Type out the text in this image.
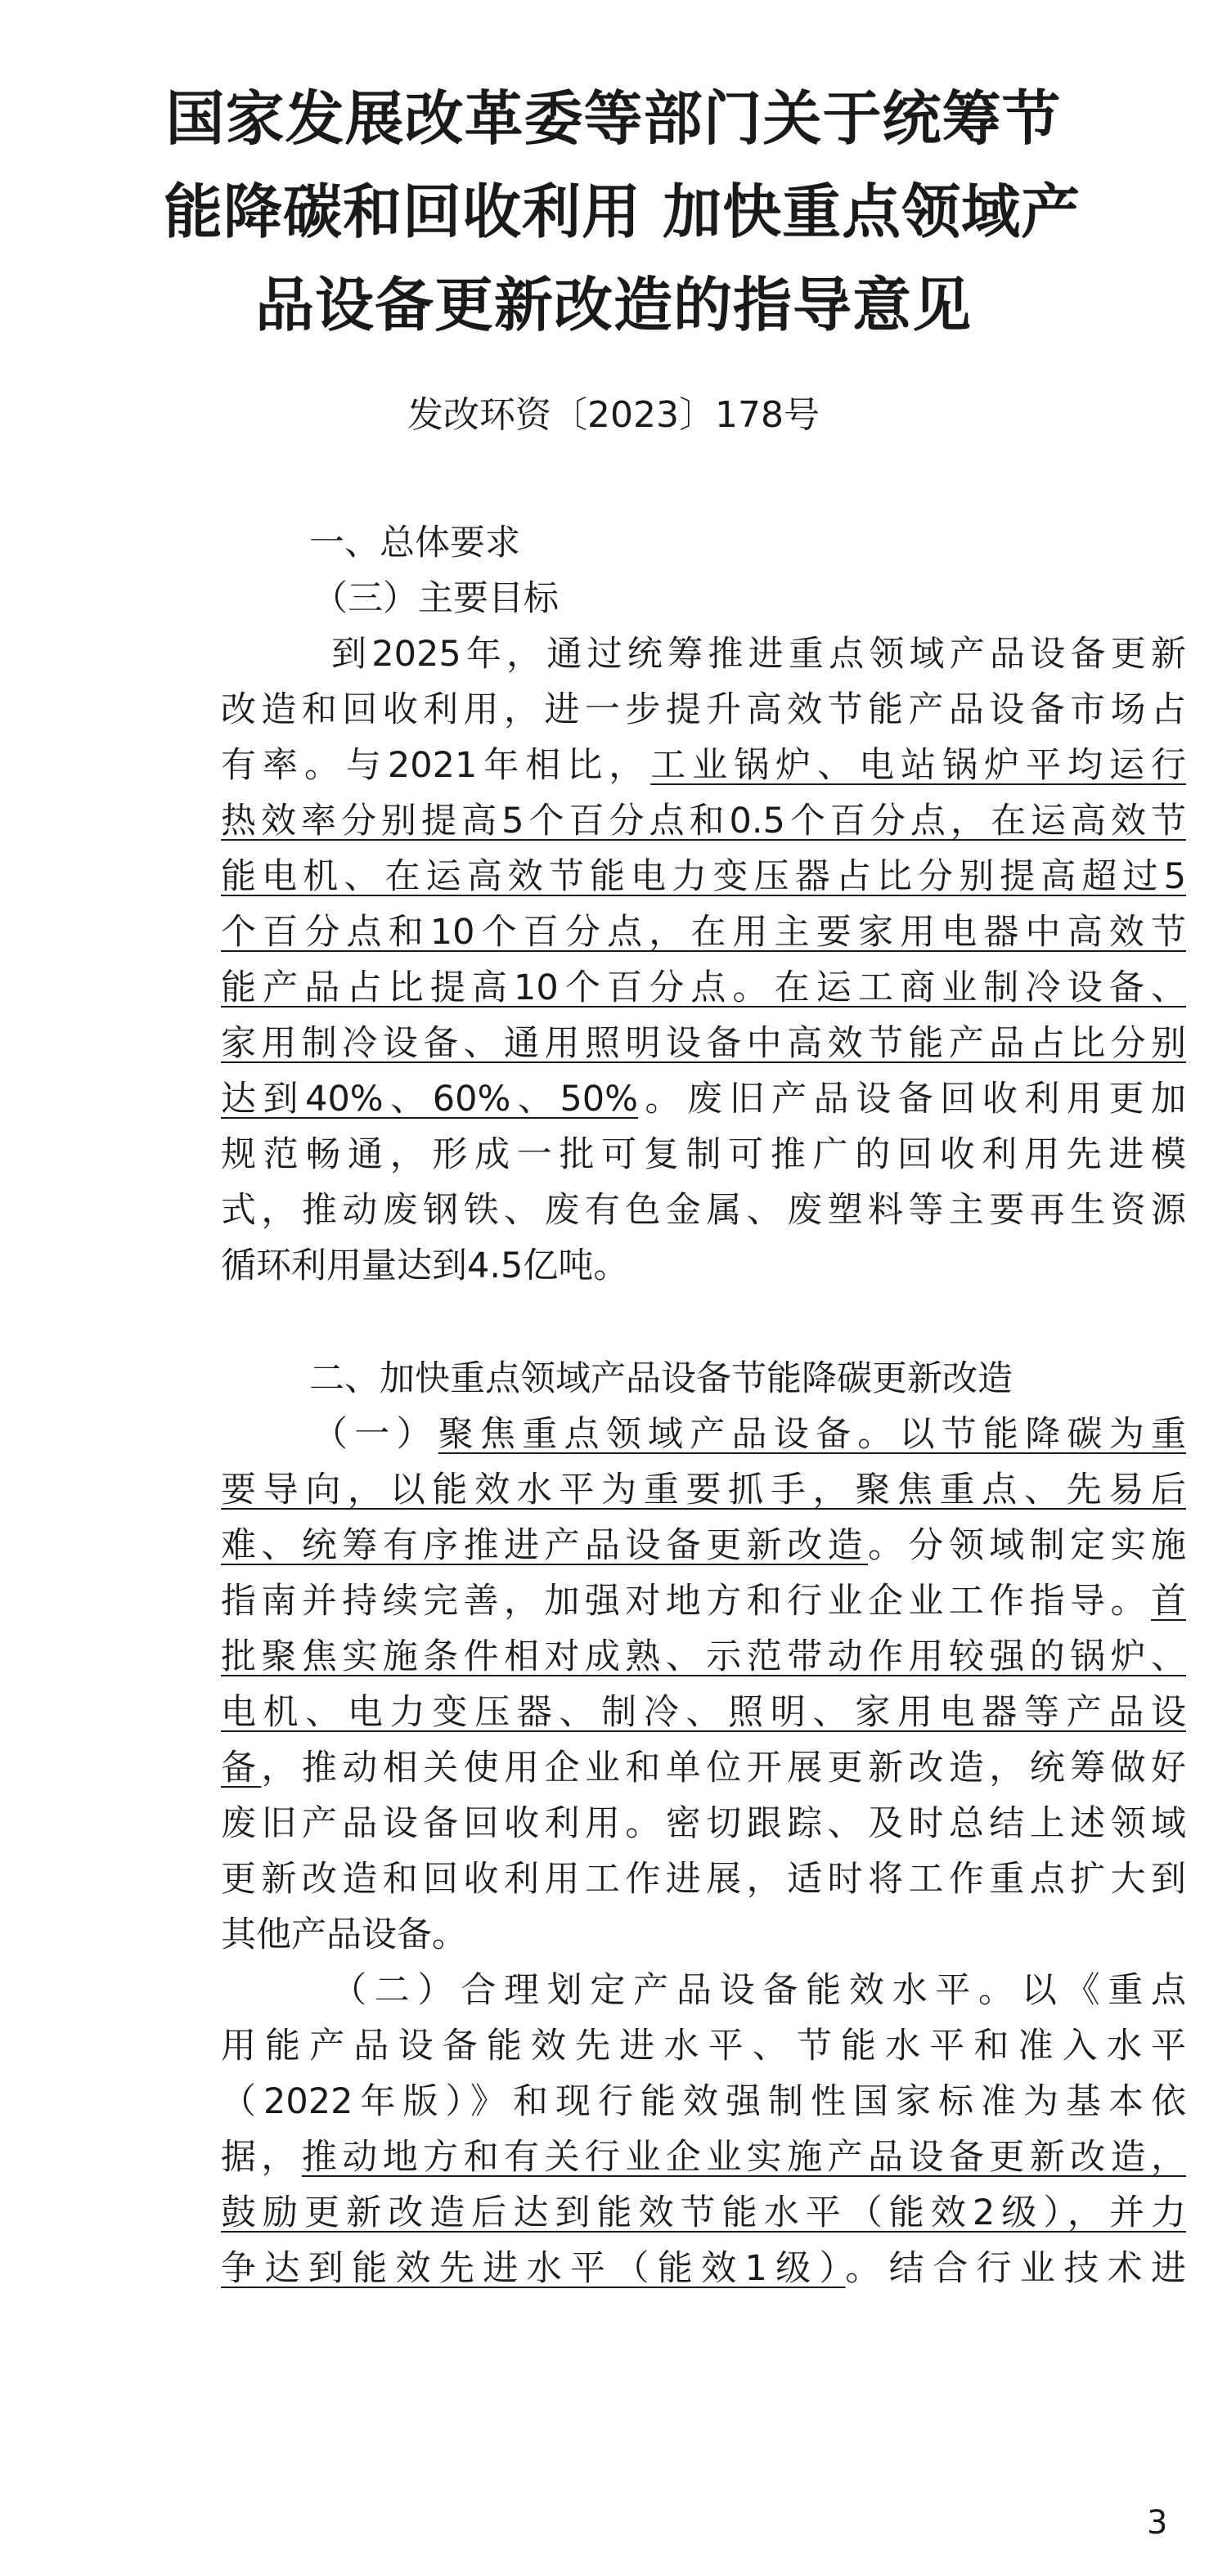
国家发展改革委等部门关于统筹节
能降碳和回收利用 加快重点领域产
品设备更新改造的指导意见
发改环资〔2023〕178号
一、总体要求
（三）主要目标
到2025年，通过统筹推进重点领域产品设备更新
改造和回收利用，进一步提升高效节能产品设备市场占
有率。与2021年相比，工业锅炉、电站锅炉平均运行
热效率分别提高5个百分点和0.5个百分点，在运高效节
能电机、在运高效节能电力变压器占比分别提高超过5
个百分点和10个百分点，在用主要家用电器中高效节
能产品占比提高10个百分点。在运工商业制冷设备、
家用制冷设备、通用照明设备中高效节能产品占比分别
达到40%、60%、50%。废旧产品设备回收利用更加
规范畅通，形成一批可复制可推广的回收利用先进模
式，推动废钢铁、废有色金属、废塑料等主要再生资源
循环利用量达到4.5亿吨。
二、加快重点领域产品设备节能降碳更新改造
（一）聚焦重点领域产品设备。以节能降碳为重
要导向，以能效水平为重要抓手，聚焦重点、先易后
难、统筹有序推进产品设备更新改造。分领域制定实施
指南并持续完善，加强对地方和行业企业工作指导。首
批聚焦实施条件相对成熟、示范带动作用较强的锅炉、
电机、电力变压器、制冷、照明、家用电器等产品设
备，推动相关使用企业和单位开展更新改造，统筹做好
废旧产品设备回收利用。密切跟踪、及时总结上述领域
更新改造和回收利用工作进展，适时将工作重点扩大到
其他产品设备。
（二）合理划定产品设备能效水平。以《重点
用能产品设备能效先进水平、节能水平和准入水平
（2022年版）》和现行能效强制性国家标准为基本依
据，推动地方和有关行业企业实施产品设备更新改造，
鼓励更新改造后达到能效节能水平（能效2级），并力
争达到能效先进水平（能效1级）。结合行业技术进
3
